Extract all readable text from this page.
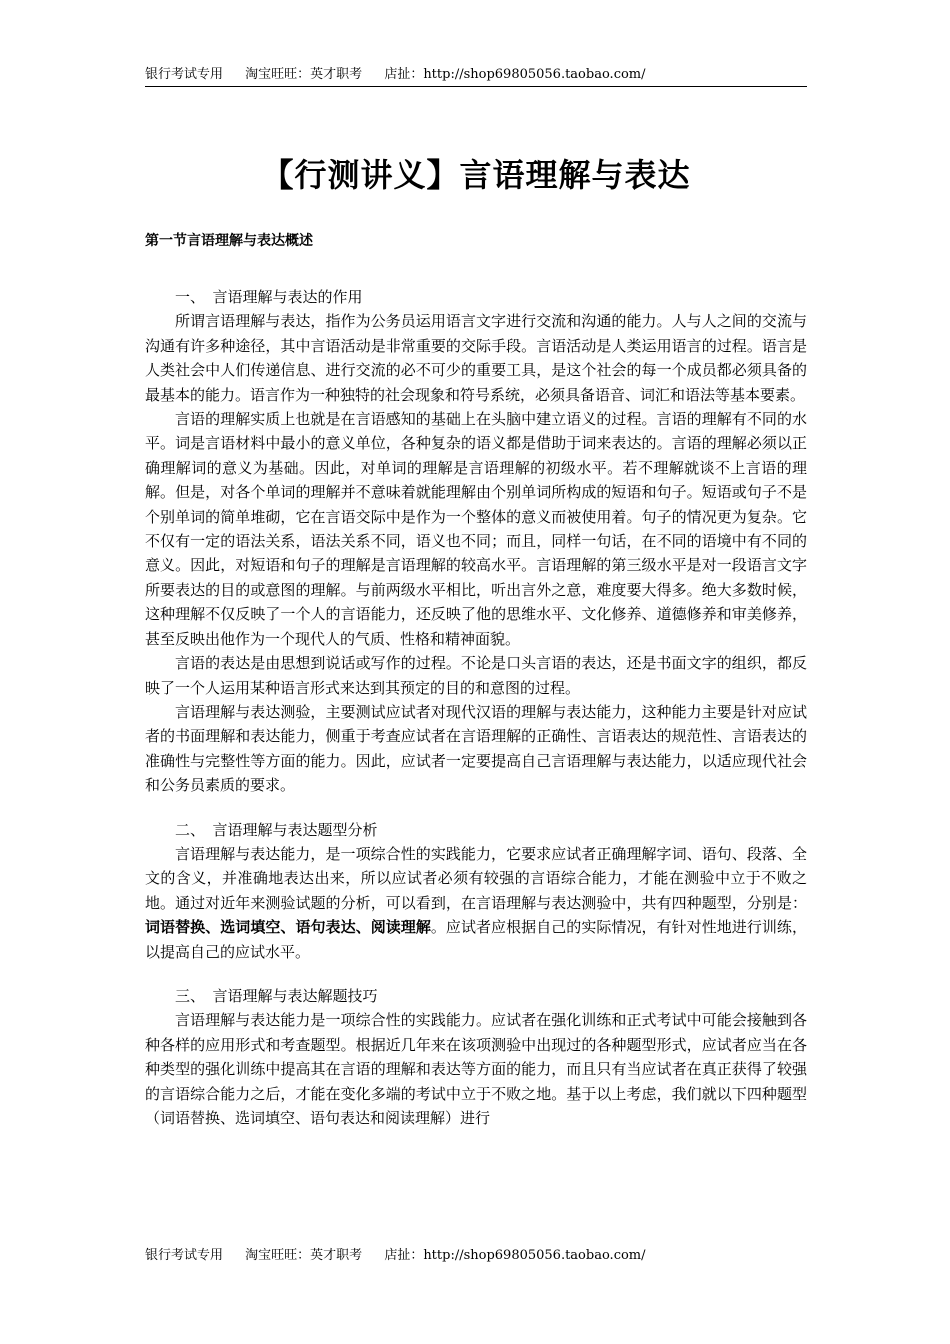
银行考试专用 淘宝旺旺：英才职考 店扯：http://shop69805056.taobao.com/
【行测讲义】言语理解与表达
第一节言语理解与表达概述
一、　言语理解与表达的作用

所谓言语理解与表达，指作为公务员运用语言文字进行交流和沟通的能力。人与人之间的交流与沟通有许多种途径，其中言语活动是非常重要的交际手段。言语活动是人类运用语言的过程。语言是人类社会中人们传递信息、进行交流的必不可少的重要工具，是这个社会的每一个成员都必须具备的最基本的能力。语言作为一种独特的社会现象和符号系统，必须具备语音、词汇和语法等基本要素。

言语的理解实质上也就是在言语感知的基础上在头脑中建立语义的过程。言语的理解有不同的水平。词是言语材料中最小的意义单位，各种复杂的语义都是借助于词来表达的。言语的理解必须以正确理解词的意义为基础。因此，对单词的理解是言语理解的初级水平。若不理解就谈不上言语的理解。但是，对各个单词的理解并不意味着就能理解由个别单词所构成的短语和句子。短语或句子不是个别单词的简单堆砌，它在言语交际中是作为一个整体的意义而被使用着。句子的情况更为复杂。它不仅有一定的语法关系，语法关系不同，语义也不同；而且，同样一句话，在不同的语境中有不同的意义。因此，对短语和句子的理解是言语理解的较高水平。言语理解的第三级水平是对一段语言文字所要表达的目的或意图的理解。与前两级水平相比，听出言外之意，难度要大得多。绝大多数时候，这种理解不仅反映了一个人的言语能力，还反映了他的思维水平、文化修养、道德修养和审美修养，甚至反映出他作为一个现代人的气质、性格和精神面貌。

言语的表达是由思想到说话或写作的过程。不论是口头言语的表达，还是书面文字的组织，都反映了一个人运用某种语言形式来达到其预定的目的和意图的过程。

言语理解与表达测验，主要测试应试者对现代汉语的理解与表达能力，这种能力主要是针对应试者的书面理解和表达能力，侧重于考查应试者在言语理解的正确性、言语表达的规范性、言语表达的准确性与完整性等方面的能力。因此，应试者一定要提高自己言语理解与表达能力，以适应现代社会和公务员素质的要求。

二、　言语理解与表达题型分析

言语理解与表达能力，是一项综合性的实践能力，它要求应试者正确理解字词、语句、段落、全文的含义，并准确地表达出来，所以应试者必须有较强的言语综合能力，才能在测验中立于不败之地。通过对近年来测验试题的分析，可以看到，在言语理解与表达测验中，共有四种题型，分别是：词语替换、选词填空、语句表达、阅读理解。应试者应根据自己的实际情况，有针对性地进行训练，以提高自己的应试水平。

三、　言语理解与表达解题技巧

言语理解与表达能力是一项综合性的实践能力。应试者在强化训练和正式考试中可能会接触到各种各样的应用形式和考查题型。根据近几年来在该项测验中出现过的各种题型形式，应试者应当在各种类型的强化训练中提高其在言语的理解和表达等方面的能力，而且只有当应试者在真正获得了较强的言语综合能力之后，才能在变化多端的考试中立于不败之地。基于以上考虑，我们就以下四种题型（词语替换、选词填空、语句表达和阅读理解）进行

银行考试专用 淘宝旺旺：英才职考 店扯：http://shop69805056.taobao.com/
